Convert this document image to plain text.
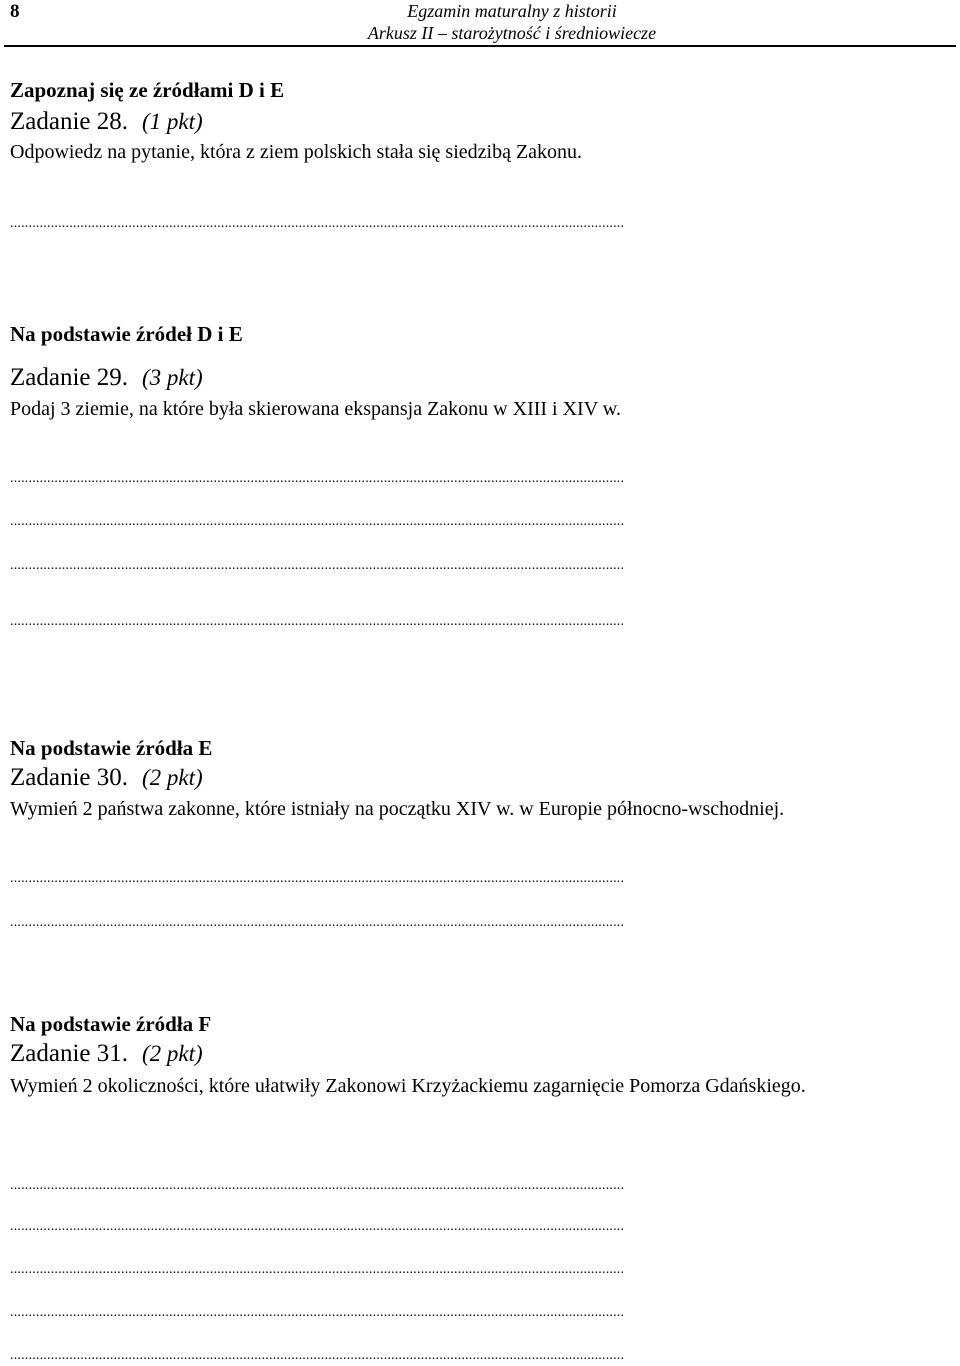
8	Egzamin maturalny z historii
Arkusz II – starożytność i średniowiecze
Zapoznaj się ze źródłami D i E
Zadanie 28. (1 pkt)
Odpowiedz na pytanie, która z ziem polskich stała się siedzibą Zakonu.
......................................................................................................................................................................
Na podstawie źródeł D i E
Zadanie 29. (3 pkt)
Podaj 3 ziemie, na które była skierowana ekspansja Zakonu w XIII i XIV w.
......................................................................................................................................................................
......................................................................................................................................................................
......................................................................................................................................................................
......................................................................................................................................................................
Na podstawie źródła E
Zadanie 30. (2 pkt)
Wymień 2 państwa zakonne, które istniały na początku XIV w. w Europie północno-wschodniej.
......................................................................................................................................................................
......................................................................................................................................................................
Na podstawie źródła F
Zadanie 31. (2 pkt)
Wymień 2 okoliczności, które ułatwiły Zakonowi Krzyżackiemu zagarnięcie Pomorza Gdańskiego.
......................................................................................................................................................................
......................................................................................................................................................................
......................................................................................................................................................................
......................................................................................................................................................................
......................................................................................................................................................................
